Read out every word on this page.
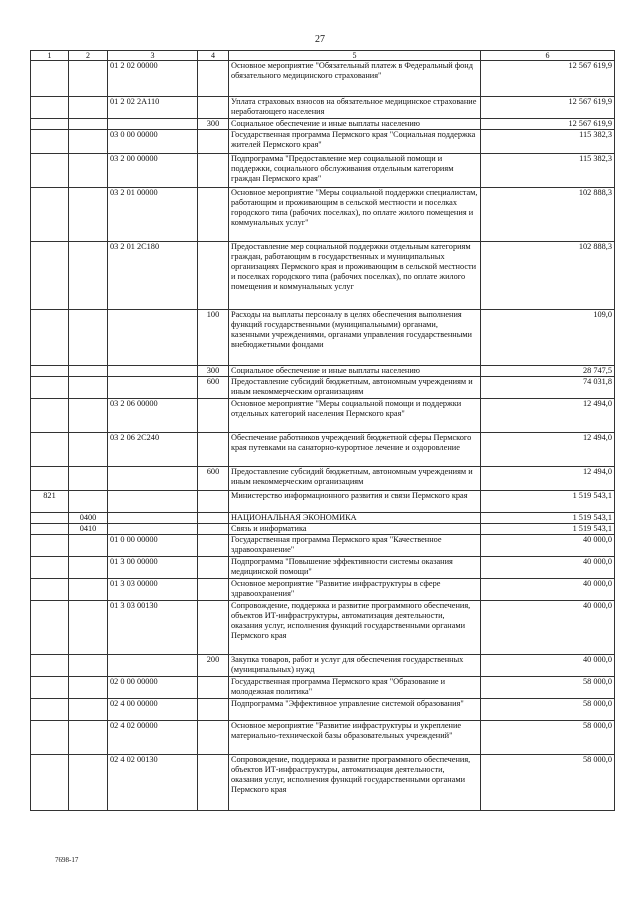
27
1	2	3	4	5	6
		01 2 02 00000		Основное мероприятие "Обязательный платеж в Федеральный фонд обязательного медицинского страхования"	12 567 619,9
		01 2 02 2А110		Уплата страховых взносов на обязательное медицинское страхование неработающего населения	12 567 619,9
			300	Социальное обеспечение и иные выплаты населению	12 567 619,9
		03 0 00 00000		Государственная программа Пермского края "Социальная поддержка жителей Пермского края"	115 382,3
		03 2 00 00000		Подпрограмма "Предоставление мер социальной помощи и поддержки, социального обслуживания отдельным категориям граждан Пермского края"	115 382,3
		03 2 01 00000		Основное мероприятие "Меры социальной поддержки специалистам, работающим и проживающим в сельской местности и поселках городского типа (рабочих поселках), по оплате жилого помещения и коммунальных услуг"	102 888,3
		03 2 01 2С180		Предоставление мер социальной поддержки отдельным категориям граждан, работающим в государственных и муниципальных организациях Пермского края и проживающим в сельской местности и поселках городского типа (рабочих поселках), по оплате жилого помещения и коммунальных услуг	102 888,3
			100	Расходы на выплаты персоналу в целях обеспечения выполнения функций государственными (муниципальными) органами, казенными учреждениями, органами управления государственными внебюджетными фондами	109,0
			300	Социальное обеспечение и иные выплаты населению	28 747,5
			600	Предоставление субсидий бюджетным, автономным учреждениям и иным некоммерческим организациям	74 031,8
		03 2 06 00000		Основное мероприятие "Меры социальной помощи и поддержки отдельных категорий населения Пермского края"	12 494,0
		03 2 06 2С240		Обеспечение работников учреждений бюджетной сферы Пермского края путевками на санаторно-курортное лечение и оздоровление	12 494,0
			600	Предоставление субсидий бюджетным, автономным учреждениям и иным некоммерческим организациям	12 494,0
821				Министерство информационного развития и связи Пермского края	1 519 543,1
	0400			НАЦИОНАЛЬНАЯ ЭКОНОМИКА	1 519 543,1
	0410			Связь и информатика	1 519 543,1
		01 0 00 00000		Государственная программа Пермского края "Качественное здравоохранение"	40 000,0
		01 3 00 00000		Подпрограмма "Повышение эффективности системы оказания медицинской помощи"	40 000,0
		01 3 03 00000		Основное мероприятие "Развитие инфраструктуры в сфере здравоохранения"	40 000,0
		01 3 03 00130		Сопровождение, поддержка и развитие программного обеспечения, объектов ИТ-инфраструктуры, автоматизация деятельности, оказания услуг, исполнения функций государственными органами Пермского края	40 000,0
			200	Закупка товаров, работ и услуг для обеспечения государственных (муниципальных) нужд	40 000,0
		02 0 00 00000		Государственная программа Пермского края "Образование и молодежная политика"	58 000,0
		02 4 00 00000		Подпрограмма "Эффективное управление системой образования"	58 000,0
		02 4 02 00000		Основное мероприятие "Развитие инфраструктуры и укрепление материально-технической базы образовательных учреждений"	58 000,0
		02 4 02 00130		Сопровождение, поддержка и развитие программного обеспечения, объектов ИТ-инфраструктуры, автоматизация деятельности, оказания услуг, исполнения функций государственными органами Пермского края	58 000,0
7698-17
